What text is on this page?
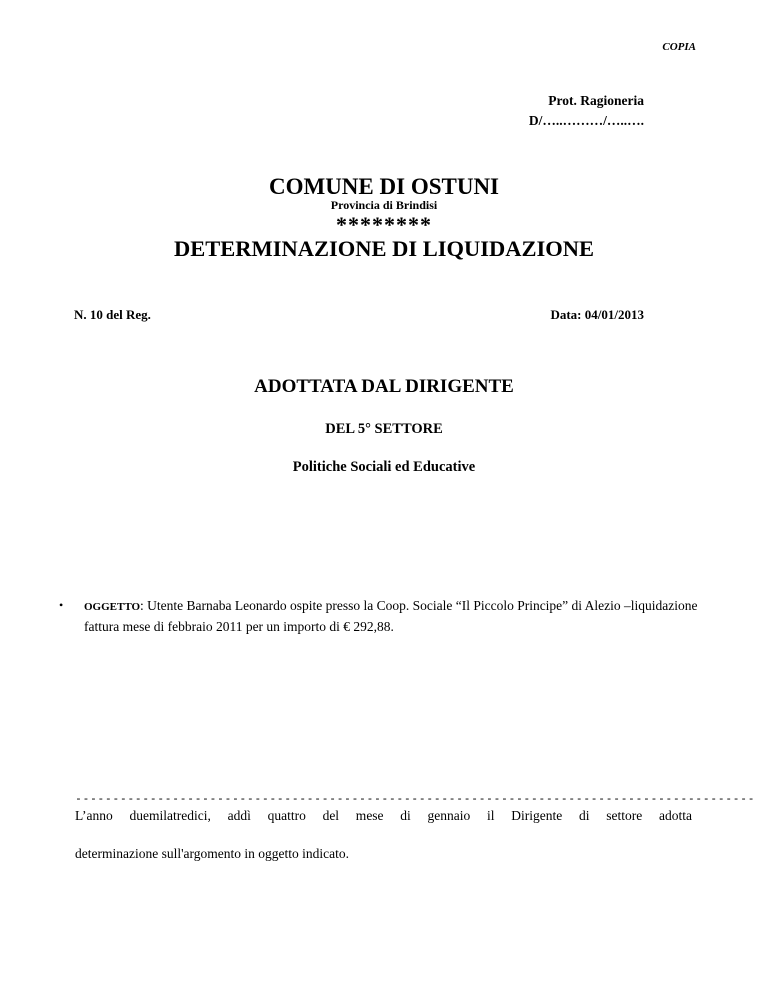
COPIA
Prot. Ragioneria
D/…..………/…..….
COMUNE DI OSTUNI
Provincia di Brindisi
********
DETERMINAZIONE DI LIQUIDAZIONE
N. 10 del Reg.	Data: 04/01/2013
ADOTTATA DAL DIRIGENTE
DEL 5° SETTORE
Politiche Sociali ed Educative
• OGGETTO: Utente Barnaba Leonardo ospite presso la Coop. Sociale “Il Piccolo Principe” di Alezio –liquidazione fattura mese di febbraio 2011 per un importo di € 292,88.
-------------------------------------------------------------------------------------------
L’anno duemilatredici, addì quattro del mese di gennaio il Dirigente di settore adotta
determinazione sull'argomento in oggetto indicato.
